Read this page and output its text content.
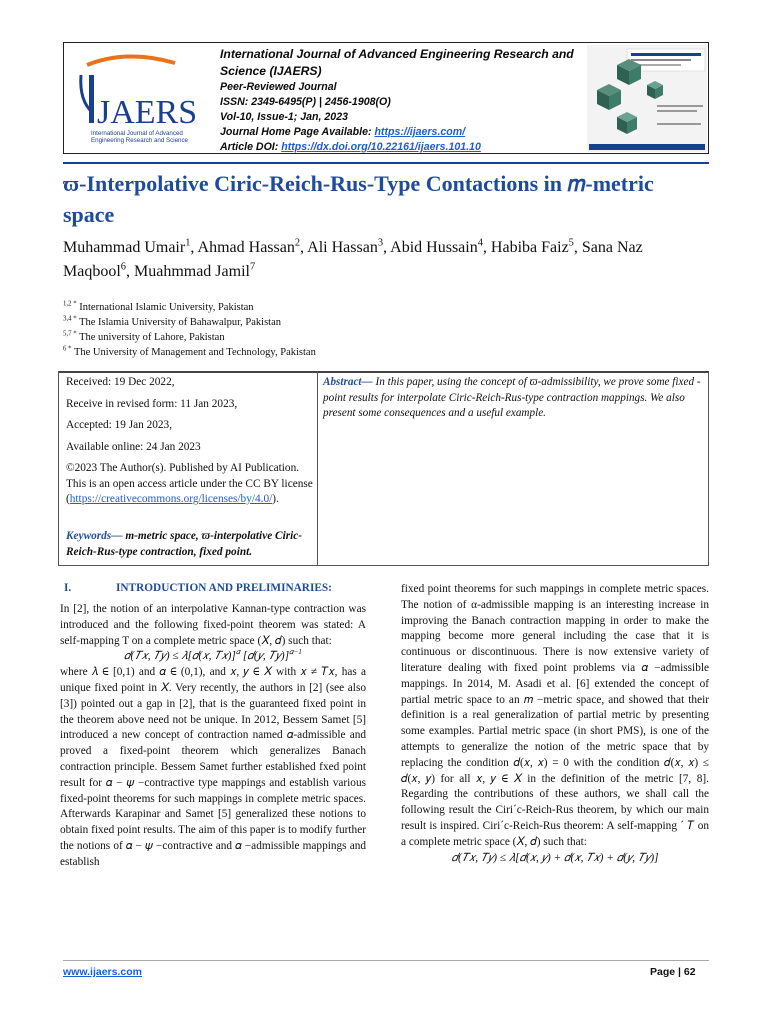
JAERS
International Journal of Advanced
Engineering Research and Science
International Journal of Advanced Engineering Research and Science (IJAERS)
Peer-Reviewed Journal
ISSN: 2349-6495(P) | 2456-1908(O)
Vol-10, Issue-1; Jan, 2023
Journal Home Page Available: https://ijaers.com/
Article DOI: https://dx.doi.org/10.22161/ijaers.101.10
ϖ-Interpolative Ciric-Reich-Rus-Type Contactions in 𝑚-metric space
Muhammad Umair$^1$, Ahmad Hassan$^2$, Ali Hassan$^3$, Abid Hussain$^4$, Habiba Faiz$^5$, Sana Naz Maqbool$^6$, Muahmmad Jamil$^7$
$^{1,2 *}$ International Islamic University, Pakistan
$^{3,4 *}$ The Islamia University of Bahawalpur, Pakistan
$^{5,7 *}$ The university of Lahore, Pakistan
$^{6 *}$ The University of Management and Technology, Pakistan

Received: 19 Dec 2022,

Receive in revised form: 11 Jan 2023,

Accepted: 19 Jan 2023,

Available online: 24 Jan 2023

©2023 The Author(s). Published by AI Publication. This is an open access article under the CC BY license
(https://creativecommons.org/licenses/by/4.0/).

Keywords— m-metric space, ϖ-interpolative Ciric-Reich-Rus-type contraction, fixed point.
Abstract— In this paper, using the concept of ϖ-admissibility, we prove some fixed -point results for interpolate Ciric-Reich-Rus-type contraction mappings. We also present some consequences and a useful example.
I.	INTRODUCTION AND PRELIMINARIES:

In [2], the notion of an interpolative Kannan-type contraction was introduced and the following fixed-point theorem was stated: A self-mapping T on a complete metric space (𝑋, 𝑑) such that:

𝑑(𝑇𝑥, 𝑇𝑦) ≤ 𝜆[𝑑(𝑥, 𝑇𝑥)]$^𝛼$ [𝑑(𝑦, 𝑇𝑦)]$^{𝛼-1}$

where 𝜆 ∈ [0,1) and 𝛼 ∈ (0,1), and 𝑥, 𝑦 ∈ 𝑋 with 𝑥 ≠ 𝑇𝑥, has a unique fixed point in 𝑋. Very recently, the authors in [2] (see also [3]) pointed out a gap in [2], that is the guaranteed fixed point in the theorem above need not be unique. In 2012, Bessem Samet [5] introduced a new concept of contraction named 𝛼-admissible and proved a fixed-point theorem which generalizes Banach contraction principle. Bessem Samet further established fxed point result for 𝛼 − 𝜓 −contractive type mappings and establish various fixed-point theorems for such mappings in complete metric spaces. Afterwards Karapinar and Samet [5] generalized these notions to obtain fixed point results. The aim of this paper is to modify further the notions of 𝛼 − 𝜓 −contractive and 𝛼 −admissible mappings and establish

fixed point theorems for such mappings in complete metric spaces. The notion of α-admissible mapping is an interesting increase in improving the Banach contraction mapping in order to make the mapping become more general including the case that it is continuous or discontinuous. There is now extensive variety of literature dealing with fixed point problems via 𝛼 −admissible mappings. In 2014, M. Asadi et al. [6] extended the concept of partial metric space to an 𝑚 −metric space, and showed that their definition is a real generalization of partial metric by presenting some examples. Partial metric space (in short PMS), is one of the attempts to generalize the notion of the metric space that by replacing the condition 𝑑(𝑥, 𝑥) = 0 with the condition 𝑑(𝑥, 𝑥) ≤ 𝑑(𝑥, 𝑦) for all 𝑥, 𝑦 ∈ 𝑋 in the definition of the metric [7, 8]. Regarding the contributions of these authors, we shall call the following result the Ciri´c-Reich-Rus theorem, by which our main result is inspired. Ciri´c-Reich-Rus theorem: A self-mapping ´ 𝑇 on a complete metric space (𝑋, 𝑑) such that:

𝑑(𝑇𝑥, 𝑇𝑦) ≤ 𝜆[𝑑(𝑥, 𝑦) + 𝑑(𝑥, 𝑇𝑥) + 𝑑(𝑦, 𝑇𝑦)]

www.ijaers.com	Page | 62
